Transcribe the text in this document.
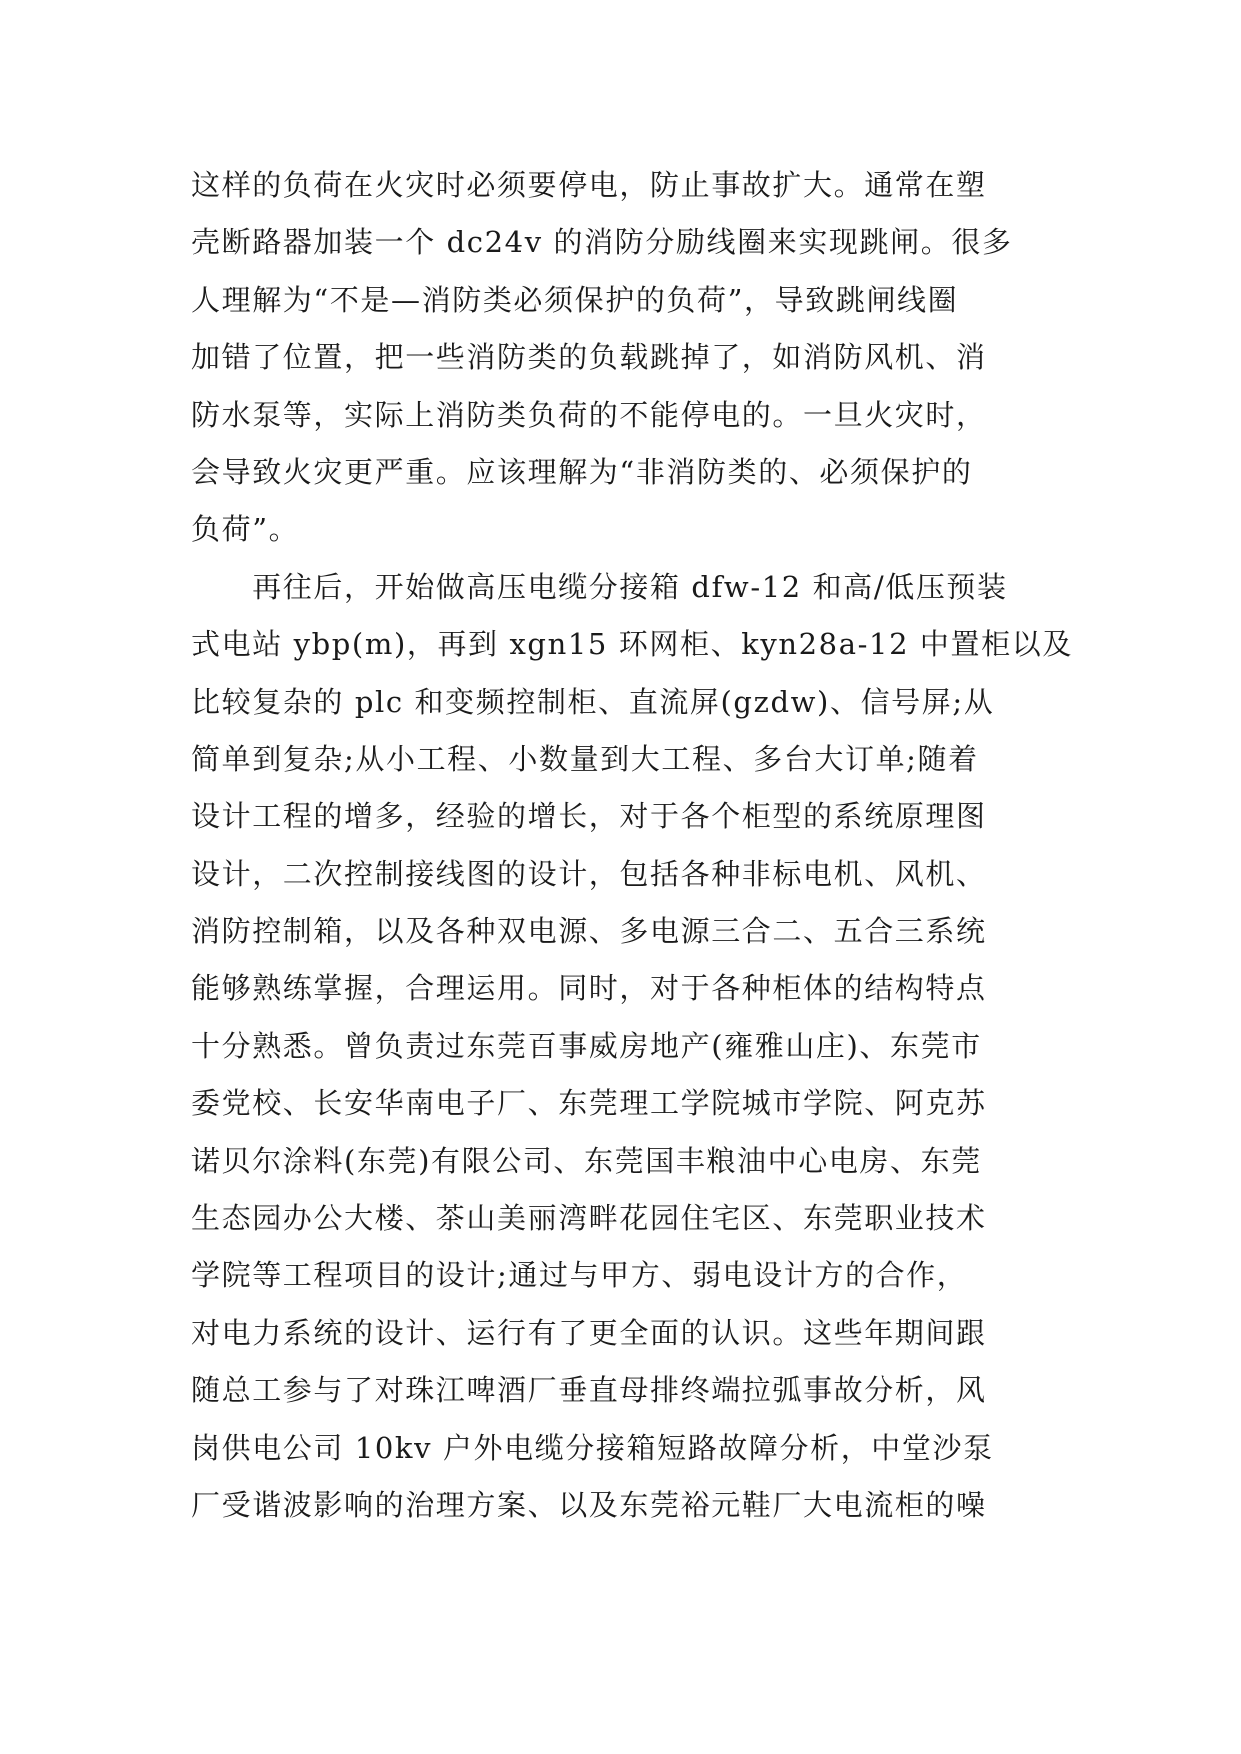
这样的负荷在火灾时必须要停电，防止事故扩大。通常在塑
壳断路器加装一个 dc24v 的消防分励线圈来实现跳闸。很多
人理解为“不是—消防类必须保护的负荷”，导致跳闸线圈
加错了位置，把一些消防类的负载跳掉了，如消防风机、消
防水泵等，实际上消防类负荷的不能停电的。一旦火灾时，
会导致火灾更严重。应该理解为“非消防类的、必须保护的
负荷”。
　　再往后，开始做高压电缆分接箱 dfw-12 和高/低压预装
式电站 ybp(m)，再到 xgn15 环网柜、kyn28a-12 中置柜以及
比较复杂的 plc 和变频控制柜、直流屏(gzdw)、信号屏;从
简单到复杂;从小工程、小数量到大工程、多台大订单;随着
设计工程的增多，经验的增长，对于各个柜型的系统原理图
设计，二次控制接线图的设计，包括各种非标电机、风机、
消防控制箱，以及各种双电源、多电源三合二、五合三系统
能够熟练掌握，合理运用。同时，对于各种柜体的结构特点
十分熟悉。曾负责过东莞百事威房地产(雍雅山庄)、东莞市
委党校、长安华南电子厂、东莞理工学院城市学院、阿克苏
诺贝尔涂料(东莞)有限公司、东莞国丰粮油中心电房、东莞
生态园办公大楼、茶山美丽湾畔花园住宅区、东莞职业技术
学院等工程项目的设计;通过与甲方、弱电设计方的合作，
对电力系统的设计、运行有了更全面的认识。这些年期间跟
随总工参与了对珠江啤酒厂垂直母排终端拉弧事故分析，风
岗供电公司 10kv 户外电缆分接箱短路故障分析，中堂沙泵
厂受谐波影响的治理方案、以及东莞裕元鞋厂大电流柜的噪
